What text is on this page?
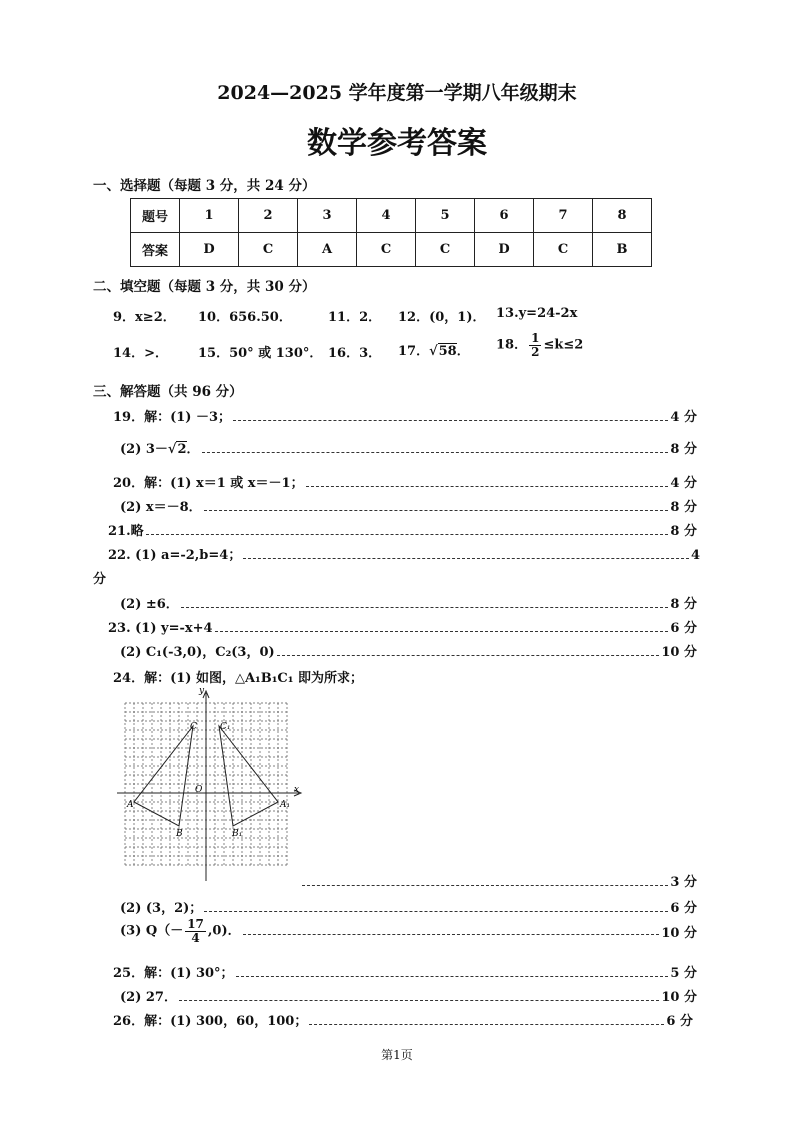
2024—2025 学年度第一学期八年级期末
数学参考答案
一、选择题（每题 3 分，共 24 分）
题号	1	2	3	4	5	6	7	8
答案	D	C	A	C	C	D	C	B
二、填空题（每题 3 分，共 30 分）
9．x≥2． 10．656.50．	11．2． 12．(0，1)． 13.y=24-2x
14．>． 15．50° 或 130°． 16．3． 17．√58． 18． $\frac{1}{2} \le k\le 2$
三、解答题（共 96 分）
19．解：(1) －3；	4 分
(2) 3－√2．	8 分
20．解：(1) x＝1 或 x＝－1；	4 分
(2) x＝－8．	8 分
21.略	8 分
22. (1) a=-2,b=4；	4
分
(2) ±6．	8 分
23. (1) y=-x+4	6 分
(2) C₁(-3,0)，C₂(3，0)	10 分
24．解：(1) 如图，△A₁B₁C₁ 即为所求；
y
x
O
A
B
C
A₁
B₁
C₁
3 分
(2) (3，2)；	6 分
(3) $Q(- \frac{17}{4} ,0)$．	10 分
25．解：(1) 30°；	5 分
(2) 27．	10 分
26．解：(1) 300，60，100；	6 分
第1页
